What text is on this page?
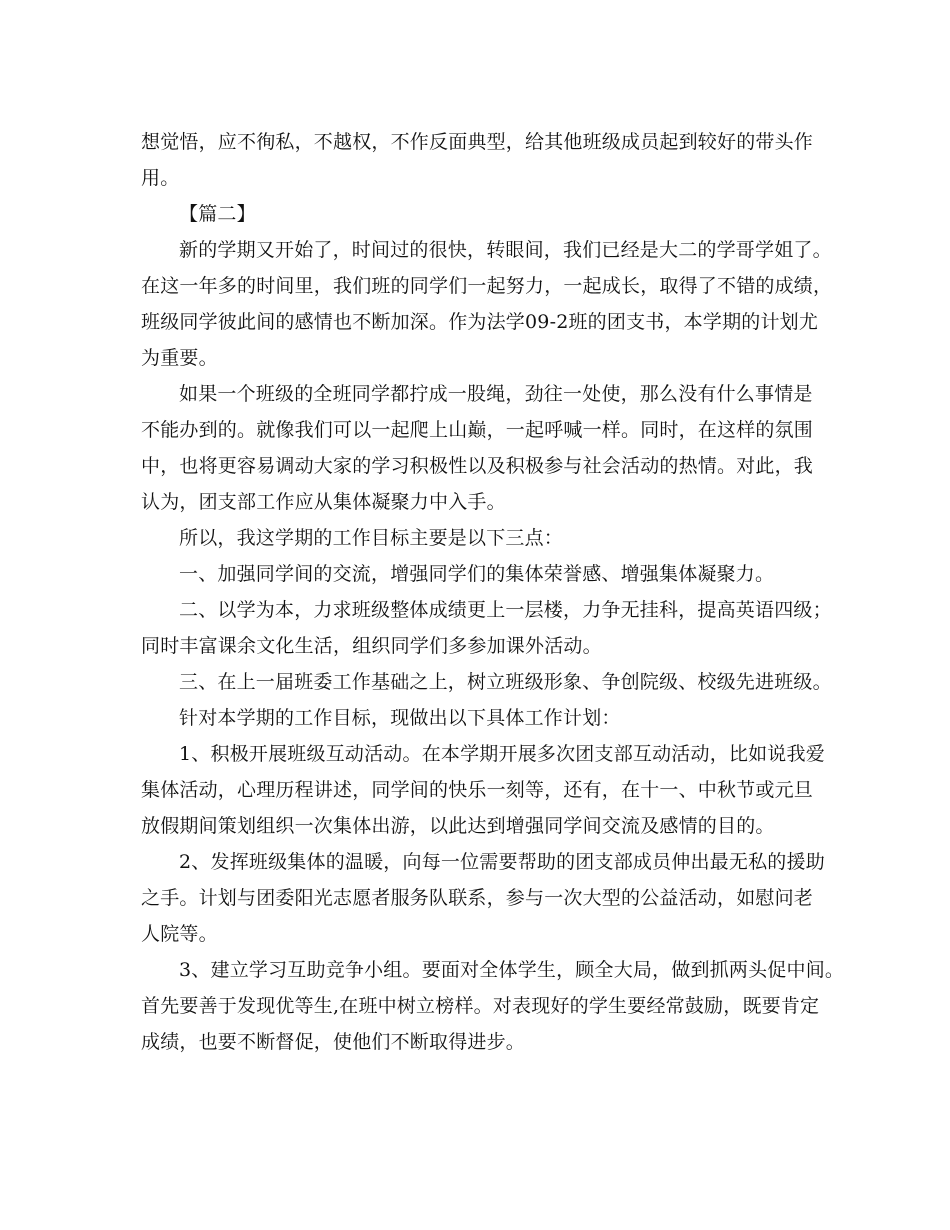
想觉悟，应不徇私，不越权，不作反面典型，给其他班级成员起到较好的带头作
用。
【篇二】
新的学期又开始了，时间过的很快，转眼间，我们已经是大二的学哥学姐了。
在这一年多的时间里，我们班的同学们一起努力，一起成长，取得了不错的成绩，
班级同学彼此间的感情也不断加深。作为法学09-2班的团支书，本学期的计划尤
为重要。
如果一个班级的全班同学都拧成一股绳，劲往一处使，那么没有什么事情是
不能办到的。就像我们可以一起爬上山巅，一起呼喊一样。同时，在这样的氛围
中，也将更容易调动大家的学习积极性以及积极参与社会活动的热情。对此，我
认为，团支部工作应从集体凝聚力中入手。
所以，我这学期的工作目标主要是以下三点：
一、加强同学间的交流，增强同学们的集体荣誉感、增强集体凝聚力。
二、以学为本，力求班级整体成绩更上一层楼，力争无挂科，提高英语四级；
同时丰富课余文化生活，组织同学们多参加课外活动。
三、在上一届班委工作基础之上，树立班级形象、争创院级、校级先进班级。
针对本学期的工作目标，现做出以下具体工作计划：
1、积极开展班级互动活动。在本学期开展多次团支部互动活动，比如说我爱
集体活动，心理历程讲述，同学间的快乐一刻等，还有，在十一、中秋节或元旦
放假期间策划组织一次集体出游，以此达到增强同学间交流及感情的目的。
2、发挥班级集体的温暖，向每一位需要帮助的团支部成员伸出最无私的援助
之手。计划与团委阳光志愿者服务队联系，参与一次大型的公益活动，如慰问老
人院等。
3、建立学习互助竞争小组。要面对全体学生，顾全大局，做到抓两头促中间。
首先要善于发现优等生,在班中树立榜样。对表现好的学生要经常鼓励，既要肯定
成绩，也要不断督促，使他们不断取得进步。
